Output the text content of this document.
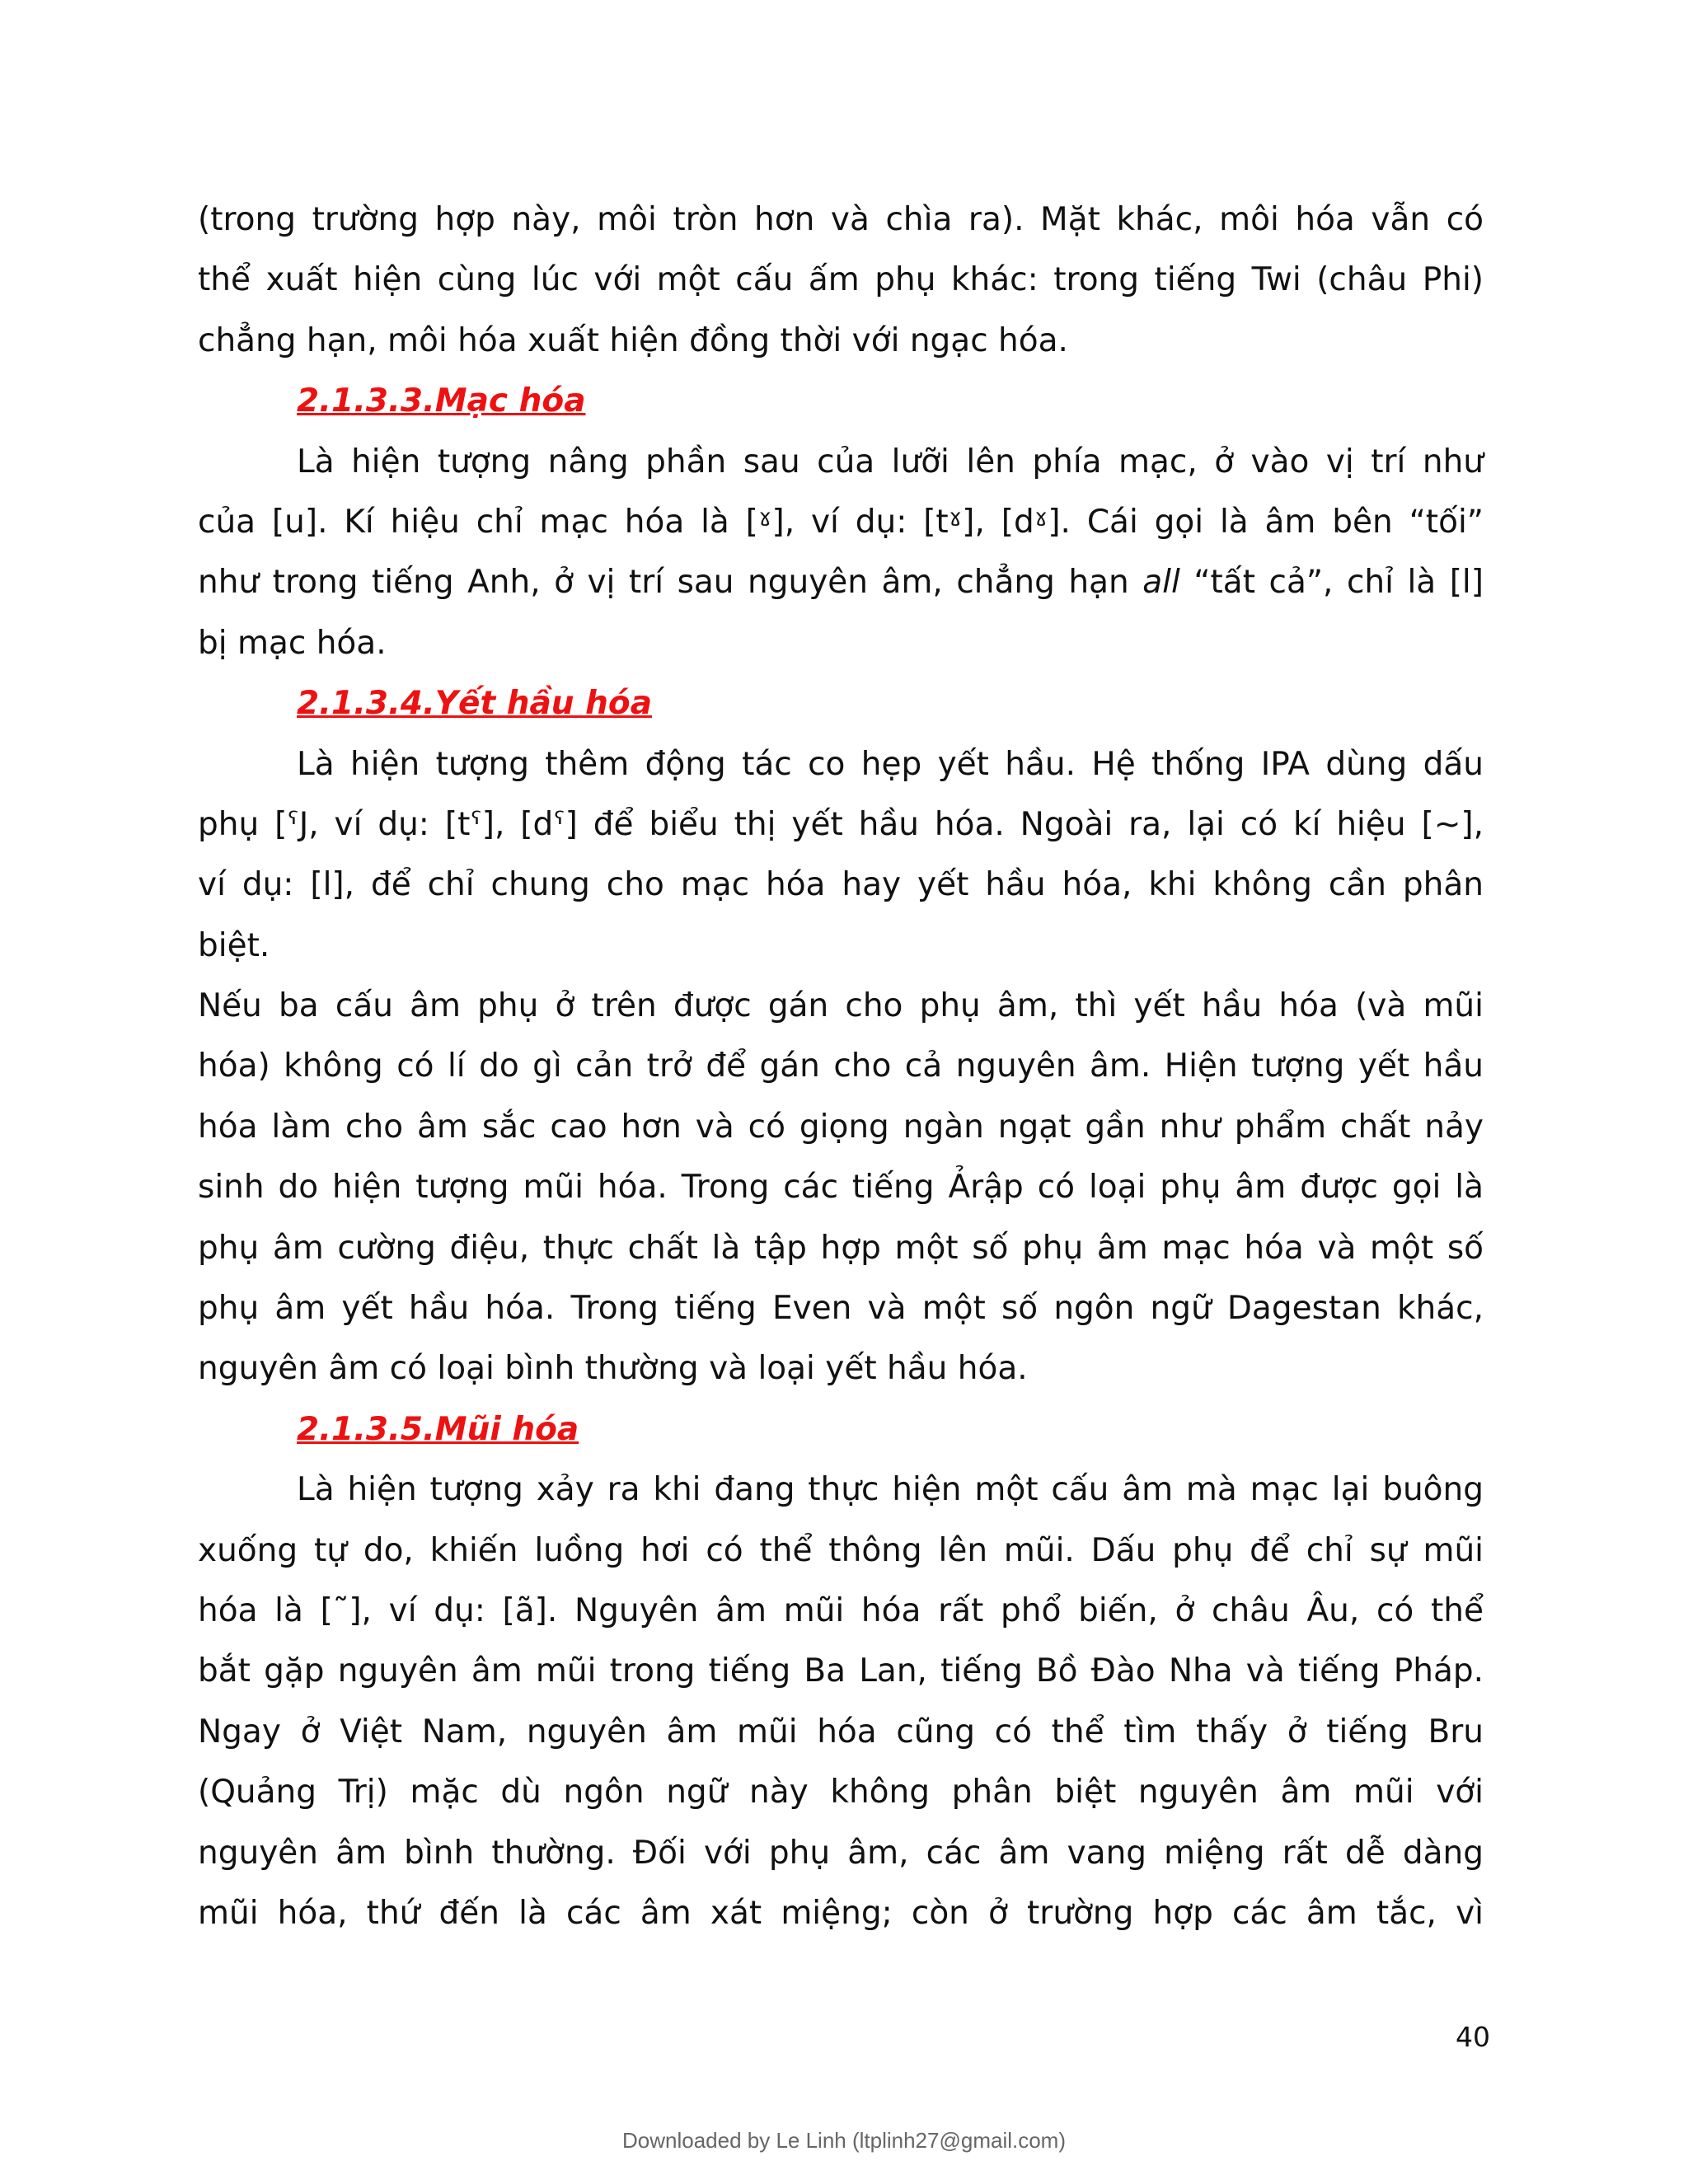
(trong trường hợp này, môi tròn hơn và chìa ra). Mặt khác, môi hóa vẫn có

thể xuất hiện cùng lúc với một cấu ấm phụ khác: trong tiếng Twi (châu Phi)

chẳng hạn, môi hóa xuất hiện đồng thời với ngạc hóa.

2.1.3.3.Mạc hóa

Là hiện tượng nâng phần sau của lưỡi lên phía mạc, ở vào vị trí như

của [u]. Kí hiệu chỉ mạc hóa là [ˠ], ví dụ: [tˠ], [dˠ]. Cái gọi là âm bên “tối”

như trong tiếng Anh, ở vị trí sau nguyên âm, chẳng hạn all “tất cả”, chỉ là [l]

bị mạc hóa.

2.1.3.4.Yết hầu hóa

Là hiện tượng thêm động tác co hẹp yết hầu. Hệ thống IPA dùng dấu

phụ [ˤJ, ví dụ: [tˤ], [dˤ] để biểu thị yết hầu hóa. Ngoài ra, lại có kí hiệu [~],

ví dụ: [l], để chỉ chung cho mạc hóa hay yết hầu hóa, khi không cần phân

biệt.

Nếu ba cấu âm phụ ở trên được gán cho phụ âm, thì yết hầu hóa (và mũi

hóa) không có lí do gì cản trở để gán cho cả nguyên âm. Hiện tượng yết hầu

hóa làm cho âm sắc cao hơn và có giọng ngàn ngạt gần như phẩm chất nảy

sinh do hiện tượng mũi hóa. Trong các tiếng Ảrập có loại phụ âm được gọi là

phụ âm cường điệu, thực chất là tập hợp một số phụ âm mạc hóa và một số

phụ âm yết hầu hóa. Trong tiếng Even và một số ngôn ngữ Dagestan khác,

nguyên âm có loại bình thường và loại yết hầu hóa.

2.1.3.5.Mũi hóa

Là hiện tượng xảy ra khi đang thực hiện một cấu âm mà mạc lại buông

xuống tự do, khiến luồng hơi có thể thông lên mũi. Dấu phụ để chỉ sự mũi

hóa là [˜], ví dụ: [ã]. Nguyên âm mũi hóa rất phổ biến, ở châu Âu, có thể

bắt gặp nguyên âm mũi trong tiếng Ba Lan, tiếng Bồ Đào Nha và tiếng Pháp.

Ngay ở Việt Nam, nguyên âm mũi hóa cũng có thể tìm thấy ở tiếng Bru

(Quảng Trị) mặc dù ngôn ngữ này không phân biệt nguyên âm mũi với

nguyên âm bình thường. Đối với phụ âm, các âm vang miệng rất dễ dàng

mũi hóa, thứ đến là các âm xát miệng; còn ở trường hợp các âm tắc, vì

40
Downloaded by Le Linh (ltplinh27@gmail.com)
